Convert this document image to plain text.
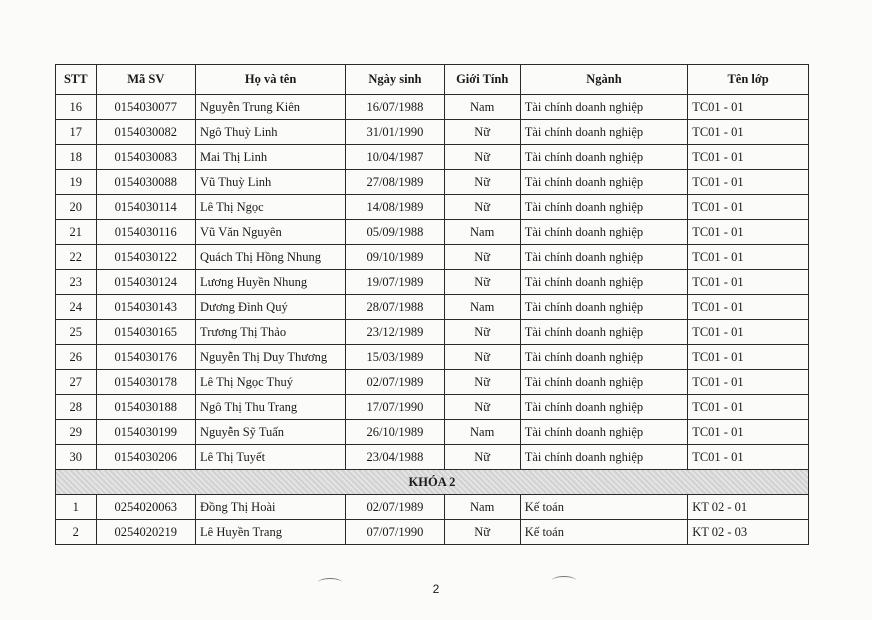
STT	Mã SV	Họ và tên	Ngày sinh	Giới Tính	Ngành	Tên lớp
16	0154030077	Nguyễn Trung Kiên	16/07/1988	Nam	Tài chính doanh nghiệp	TC01 - 01
17	0154030082	Ngô Thuỳ Linh	31/01/1990	Nữ	Tài chính doanh nghiệp	TC01 - 01
18	0154030083	Mai Thị Linh	10/04/1987	Nữ	Tài chính doanh nghiệp	TC01 - 01
19	0154030088	Vũ Thuỳ Linh	27/08/1989	Nữ	Tài chính doanh nghiệp	TC01 - 01
20	0154030114	Lê Thị Ngọc	14/08/1989	Nữ	Tài chính doanh nghiệp	TC01 - 01
21	0154030116	Vũ Văn Nguyên	05/09/1988	Nam	Tài chính doanh nghiệp	TC01 - 01
22	0154030122	Quách Thị Hồng Nhung	09/10/1989	Nữ	Tài chính doanh nghiệp	TC01 - 01
23	0154030124	Lương Huyền Nhung	19/07/1989	Nữ	Tài chính doanh nghiệp	TC01 - 01
24	0154030143	Dương Đình Quý	28/07/1988	Nam	Tài chính doanh nghiệp	TC01 - 01
25	0154030165	Trương Thị Thảo	23/12/1989	Nữ	Tài chính doanh nghiệp	TC01 - 01
26	0154030176	Nguyễn Thị Duy Thương	15/03/1989	Nữ	Tài chính doanh nghiệp	TC01 - 01
27	0154030178	Lê Thị Ngọc Thuý	02/07/1989	Nữ	Tài chính doanh nghiệp	TC01 - 01
28	0154030188	Ngô Thị Thu Trang	17/07/1990	Nữ	Tài chính doanh nghiệp	TC01 - 01
29	0154030199	Nguyễn Sỹ Tuấn	26/10/1989	Nam	Tài chính doanh nghiệp	TC01 - 01
30	0154030206	Lê Thị Tuyết	23/04/1988	Nữ	Tài chính doanh nghiệp	TC01 - 01
KHÓA 2						
1	0254020063	Đồng Thị Hoài	02/07/1989	Nam	Kế toán	KT 02 - 01
2	0254020219	Lê Huyền Trang	07/07/1990	Nữ	Kế toán	KT 02 - 03
2
